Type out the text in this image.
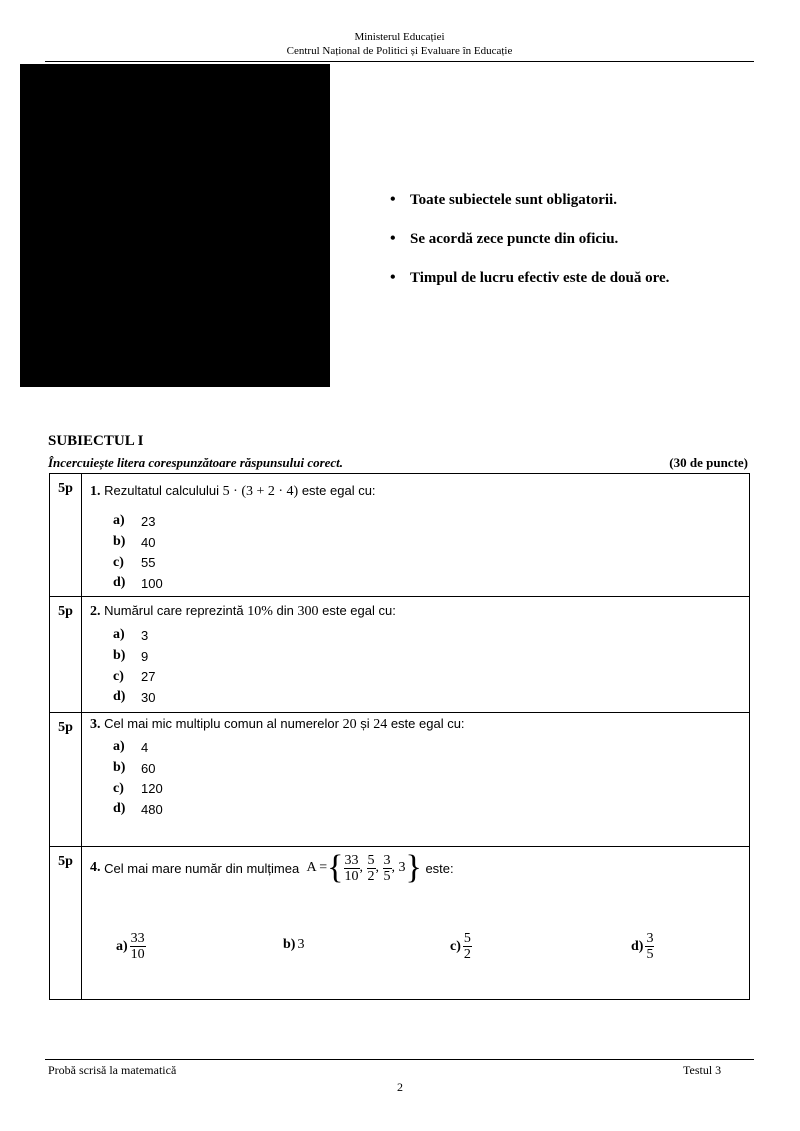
Ministerul Educației
Centrul Național de Politici și Evaluare în Educație
• Toate subiectele sunt obligatorii.
• Se acordă zece puncte din oficiu.
• Timpul de lucru efectiv este de două ore.
SUBIECTUL I
Încercuiește litera corespunzătoare răspunsului corect.	(30 de puncte)
5p	1. Rezultatul calculului 5 · (3 + 2 · 4) este egal cu:
a)	23
b)	40
c)	55
d)	100
5p	2. Numărul care reprezintă 10% din 300 este egal cu:
a)	3
b)	9
c)	27
d)	30
5p	3. Cel mai mic multiplu comun al numerelor 20 și 24 este egal cu:
a)	4
b)	60
c)	120
d)	480
5p	4.
Cel mai mare număr din mulțimea
A = { $\frac{33}{10}$ , $\frac{5}{2}$ , $\frac{3}{5}$ , 3 }
este:
$a) \frac{33}{10}$	b) 3	$c) \frac{5}{2}$	$d) \frac{3}{5}$
Probă scrisă la matematică	Testul 3
2
